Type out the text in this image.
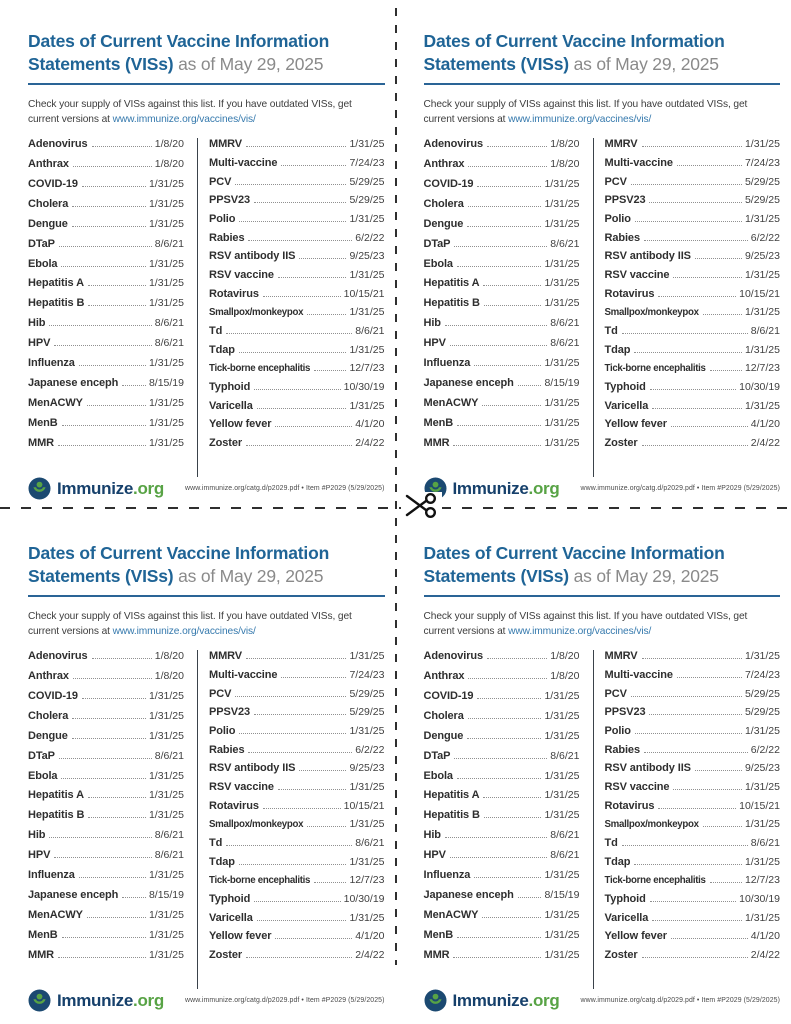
Dates of Current Vaccine Information Statements (VISs) as of May 29, 2025

Check your supply of VISs against this list. If you have outdated VISs, get current versions at www.immunize.org/vaccines/vis/

Adenovirus	1/8/20
Anthrax	1/8/20
COVID-19	1/31/25
Cholera	1/31/25
Dengue	1/31/25
DTaP	8/6/21
Ebola	1/31/25
Hepatitis A	1/31/25
Hepatitis B	1/31/25
Hib	8/6/21
HPV	8/6/21
Influenza	1/31/25
Japanese enceph	8/15/19
MenACWY	1/31/25
MenB	1/31/25
MMR	1/31/25
MMRV	1/31/25
Multi-vaccine	7/24/23
PCV	5/29/25
PPSV23	5/29/25
Polio	1/31/25
Rabies	6/2/22
RSV antibody IIS	9/25/23
RSV vaccine	1/31/25
Rotavirus	10/15/21
Smallpox/monkeypox	1/31/25
Td	8/6/21
Tdap	1/31/25
Tick-borne encephalitis	12/7/23
Typhoid	10/30/19
Varicella	1/31/25
Yellow fever	4/1/20
Zoster	2/4/22
Immunize.org	www.immunize.org/catg.d/p2029.pdf • Item #P2029 (5/29/2025)
Dates of Current Vaccine Information Statements (VISs) as of May 29, 2025

Check your supply of VISs against this list. If you have outdated VISs, get current versions at www.immunize.org/vaccines/vis/

Adenovirus	1/8/20
Anthrax	1/8/20
COVID-19	1/31/25
Cholera	1/31/25
Dengue	1/31/25
DTaP	8/6/21
Ebola	1/31/25
Hepatitis A	1/31/25
Hepatitis B	1/31/25
Hib	8/6/21
HPV	8/6/21
Influenza	1/31/25
Japanese enceph	8/15/19
MenACWY	1/31/25
MenB	1/31/25
MMR	1/31/25
MMRV	1/31/25
Multi-vaccine	7/24/23
PCV	5/29/25
PPSV23	5/29/25
Polio	1/31/25
Rabies	6/2/22
RSV antibody IIS	9/25/23
RSV vaccine	1/31/25
Rotavirus	10/15/21
Smallpox/monkeypox	1/31/25
Td	8/6/21
Tdap	1/31/25
Tick-borne encephalitis	12/7/23
Typhoid	10/30/19
Varicella	1/31/25
Yellow fever	4/1/20
Zoster	2/4/22
Immunize.org	www.immunize.org/catg.d/p2029.pdf • Item #P2029 (5/29/2025)
Dates of Current Vaccine Information Statements (VISs) as of May 29, 2025

Check your supply of VISs against this list. If you have outdated VISs, get current versions at www.immunize.org/vaccines/vis/

Adenovirus	1/8/20
Anthrax	1/8/20
COVID-19	1/31/25
Cholera	1/31/25
Dengue	1/31/25
DTaP	8/6/21
Ebola	1/31/25
Hepatitis A	1/31/25
Hepatitis B	1/31/25
Hib	8/6/21
HPV	8/6/21
Influenza	1/31/25
Japanese enceph	8/15/19
MenACWY	1/31/25
MenB	1/31/25
MMR	1/31/25
MMRV	1/31/25
Multi-vaccine	7/24/23
PCV	5/29/25
PPSV23	5/29/25
Polio	1/31/25
Rabies	6/2/22
RSV antibody IIS	9/25/23
RSV vaccine	1/31/25
Rotavirus	10/15/21
Smallpox/monkeypox	1/31/25
Td	8/6/21
Tdap	1/31/25
Tick-borne encephalitis	12/7/23
Typhoid	10/30/19
Varicella	1/31/25
Yellow fever	4/1/20
Zoster	2/4/22
Immunize.org	www.immunize.org/catg.d/p2029.pdf • Item #P2029 (5/29/2025)
Dates of Current Vaccine Information Statements (VISs) as of May 29, 2025

Check your supply of VISs against this list. If you have outdated VISs, get current versions at www.immunize.org/vaccines/vis/

Adenovirus	1/8/20
Anthrax	1/8/20
COVID-19	1/31/25
Cholera	1/31/25
Dengue	1/31/25
DTaP	8/6/21
Ebola	1/31/25
Hepatitis A	1/31/25
Hepatitis B	1/31/25
Hib	8/6/21
HPV	8/6/21
Influenza	1/31/25
Japanese enceph	8/15/19
MenACWY	1/31/25
MenB	1/31/25
MMR	1/31/25
MMRV	1/31/25
Multi-vaccine	7/24/23
PCV	5/29/25
PPSV23	5/29/25
Polio	1/31/25
Rabies	6/2/22
RSV antibody IIS	9/25/23
RSV vaccine	1/31/25
Rotavirus	10/15/21
Smallpox/monkeypox	1/31/25
Td	8/6/21
Tdap	1/31/25
Tick-borne encephalitis	12/7/23
Typhoid	10/30/19
Varicella	1/31/25
Yellow fever	4/1/20
Zoster	2/4/22
Immunize.org	www.immunize.org/catg.d/p2029.pdf • Item #P2029 (5/29/2025)
